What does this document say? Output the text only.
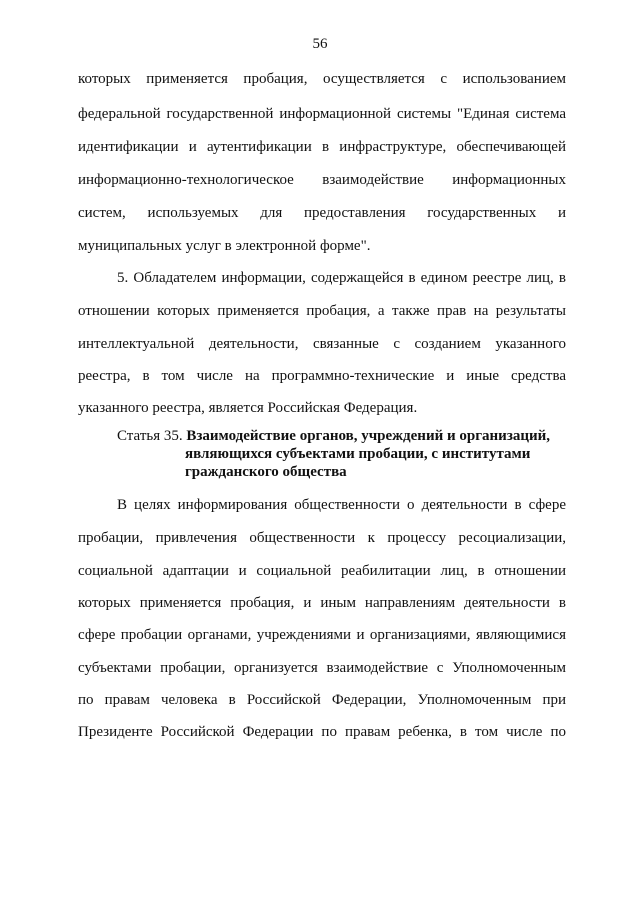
56
которых применяется пробация, осуществляется с использованием
федеральной государственной информационной системы "Единая система
идентификации и аутентификации в инфраструктуре, обеспечивающей
информационно-технологическое взаимодействие информационных
систем, используемых для предоставления государственных и
муниципальных услуг в электронной форме".
5. Обладателем информации, содержащейся в едином реестре лиц, в
отношении которых применяется пробация, а также прав на результаты
интеллектуальной деятельности, связанные с созданием указанного
реестра, в том числе на программно-технические и иные средства
указанного реестра, является Российская Федерация.
Статья 35. Взаимодействие органов, учреждений и организаций,
являющихся субъектами пробации, с институтами
гражданского общества
В целях информирования общественности о деятельности в сфере
пробации, привлечения общественности к процессу ресоциализации,
социальной адаптации и социальной реабилитации лиц, в отношении
которых применяется пробация, и иным направлениям деятельности в
сфере пробации органами, учреждениями и организациями, являющимися
субъектами пробации, организуется взаимодействие с Уполномоченным
по правам человека в Российской Федерации, Уполномоченным при
Президенте Российской Федерации по правам ребенка, в том числе по
